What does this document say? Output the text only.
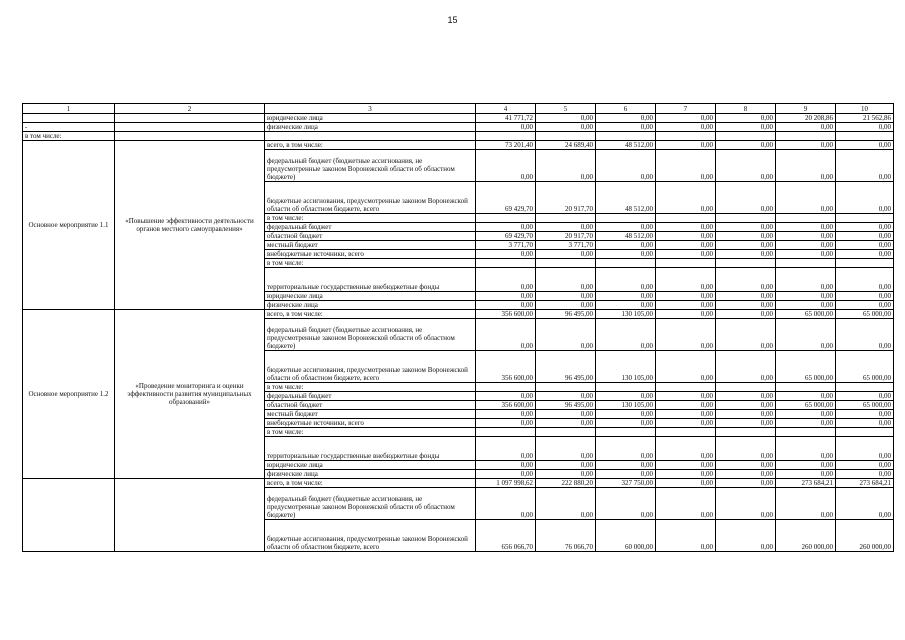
15
1	2	3	4	5	6	7	8	9	10
		юридические лица	41 771,72	0,00	0,00	0,00	0,00	20 208,86	21 562,86
-		физические лица	0,00	0,00	0,00	0,00	0,00	0,00	0,00
в том числе:									
Основное мероприятие 1.1	«Повышение эффективности деятельности органов местного самоуправления»	всего, в том числе:	73 201,40	24 689,40	48 512,00	0,00	0,00	0,00	0,00
		федеральный бюджет (бюджетные ассигнования, не предусмотренные законом Воронежской области об областном бюджете)	0,00	0,00	0,00	0,00	0,00	0,00	0,00
		бюджетные ассигнования, предусмотренные законом Воронежской области об областном бюджете, всего	69 429,70	20 917,70	48 512,00	0,00	0,00	0,00	0,00
		в том числе:							
		федеральный бюджет	0,00	0,00	0,00	0,00	0,00	0,00	0,00
		областной бюджет	69 429,70	20 917,70	48 512,00	0,00	0,00	0,00	0,00
		местный бюджет	3 771,70	3 771,70	0,00	0,00	0,00	0,00	0,00
		внебюджетные источники, всего	0,00	0,00	0,00	0,00	0,00	0,00	0,00
		в том числе:							
		территориальные государственные внебюджетные фонды	0,00	0,00	0,00	0,00	0,00	0,00	0,00
		юридические лица	0,00	0,00	0,00	0,00	0,00	0,00	0,00
		физические лица	0,00	0,00	0,00	0,00	0,00	0,00	0,00
Основное мероприятие 1.2	«Проведение мониторинга и оценки эффективности развития муниципальных образований»	всего, в том числе:	356 600,00	96 495,00	130 105,00	0,00	0,00	65 000,00	65 000,00
		федеральный бюджет (бюджетные ассигнования, не предусмотренные законом Воронежской области об областном бюджете)	0,00	0,00	0,00	0,00	0,00	0,00	0,00
		бюджетные ассигнования, предусмотренные законом Воронежской области об областном бюджете, всего	356 600,00	96 495,00	130 105,00	0,00	0,00	65 000,00	65 000,00
		в том числе:							
		федеральный бюджет	0,00	0,00	0,00	0,00	0,00	0,00	0,00
		областной бюджет	356 600,00	96 495,00	130 105,00	0,00	0,00	65 000,00	65 000,00
		местный бюджет	0,00	0,00	0,00	0,00	0,00	0,00	0,00
		внебюджетные источники, всего	0,00	0,00	0,00	0,00	0,00	0,00	0,00
		в том числе:							
		территориальные государственные внебюджетные фонды	0,00	0,00	0,00	0,00	0,00	0,00	0,00
		юридические лица	0,00	0,00	0,00	0,00	0,00	0,00	0,00
		физические лица	0,00	0,00	0,00	0,00	0,00	0,00	0,00
		всего, в том числе:	1 097 998,62	222 880,20	327 750,00	0,00	0,00	273 684,21	273 684,21
		федеральный бюджет (бюджетные ассигнования, не предусмотренные законом Воронежской области об областном бюджете)	0,00	0,00	0,00	0,00	0,00	0,00	0,00
		бюджетные ассигнования, предусмотренные законом Воронежской области об областном бюджете, всего	656 066,70	76 066,70	60 000,00	0,00	0,00	260 000,00	260 000,00
